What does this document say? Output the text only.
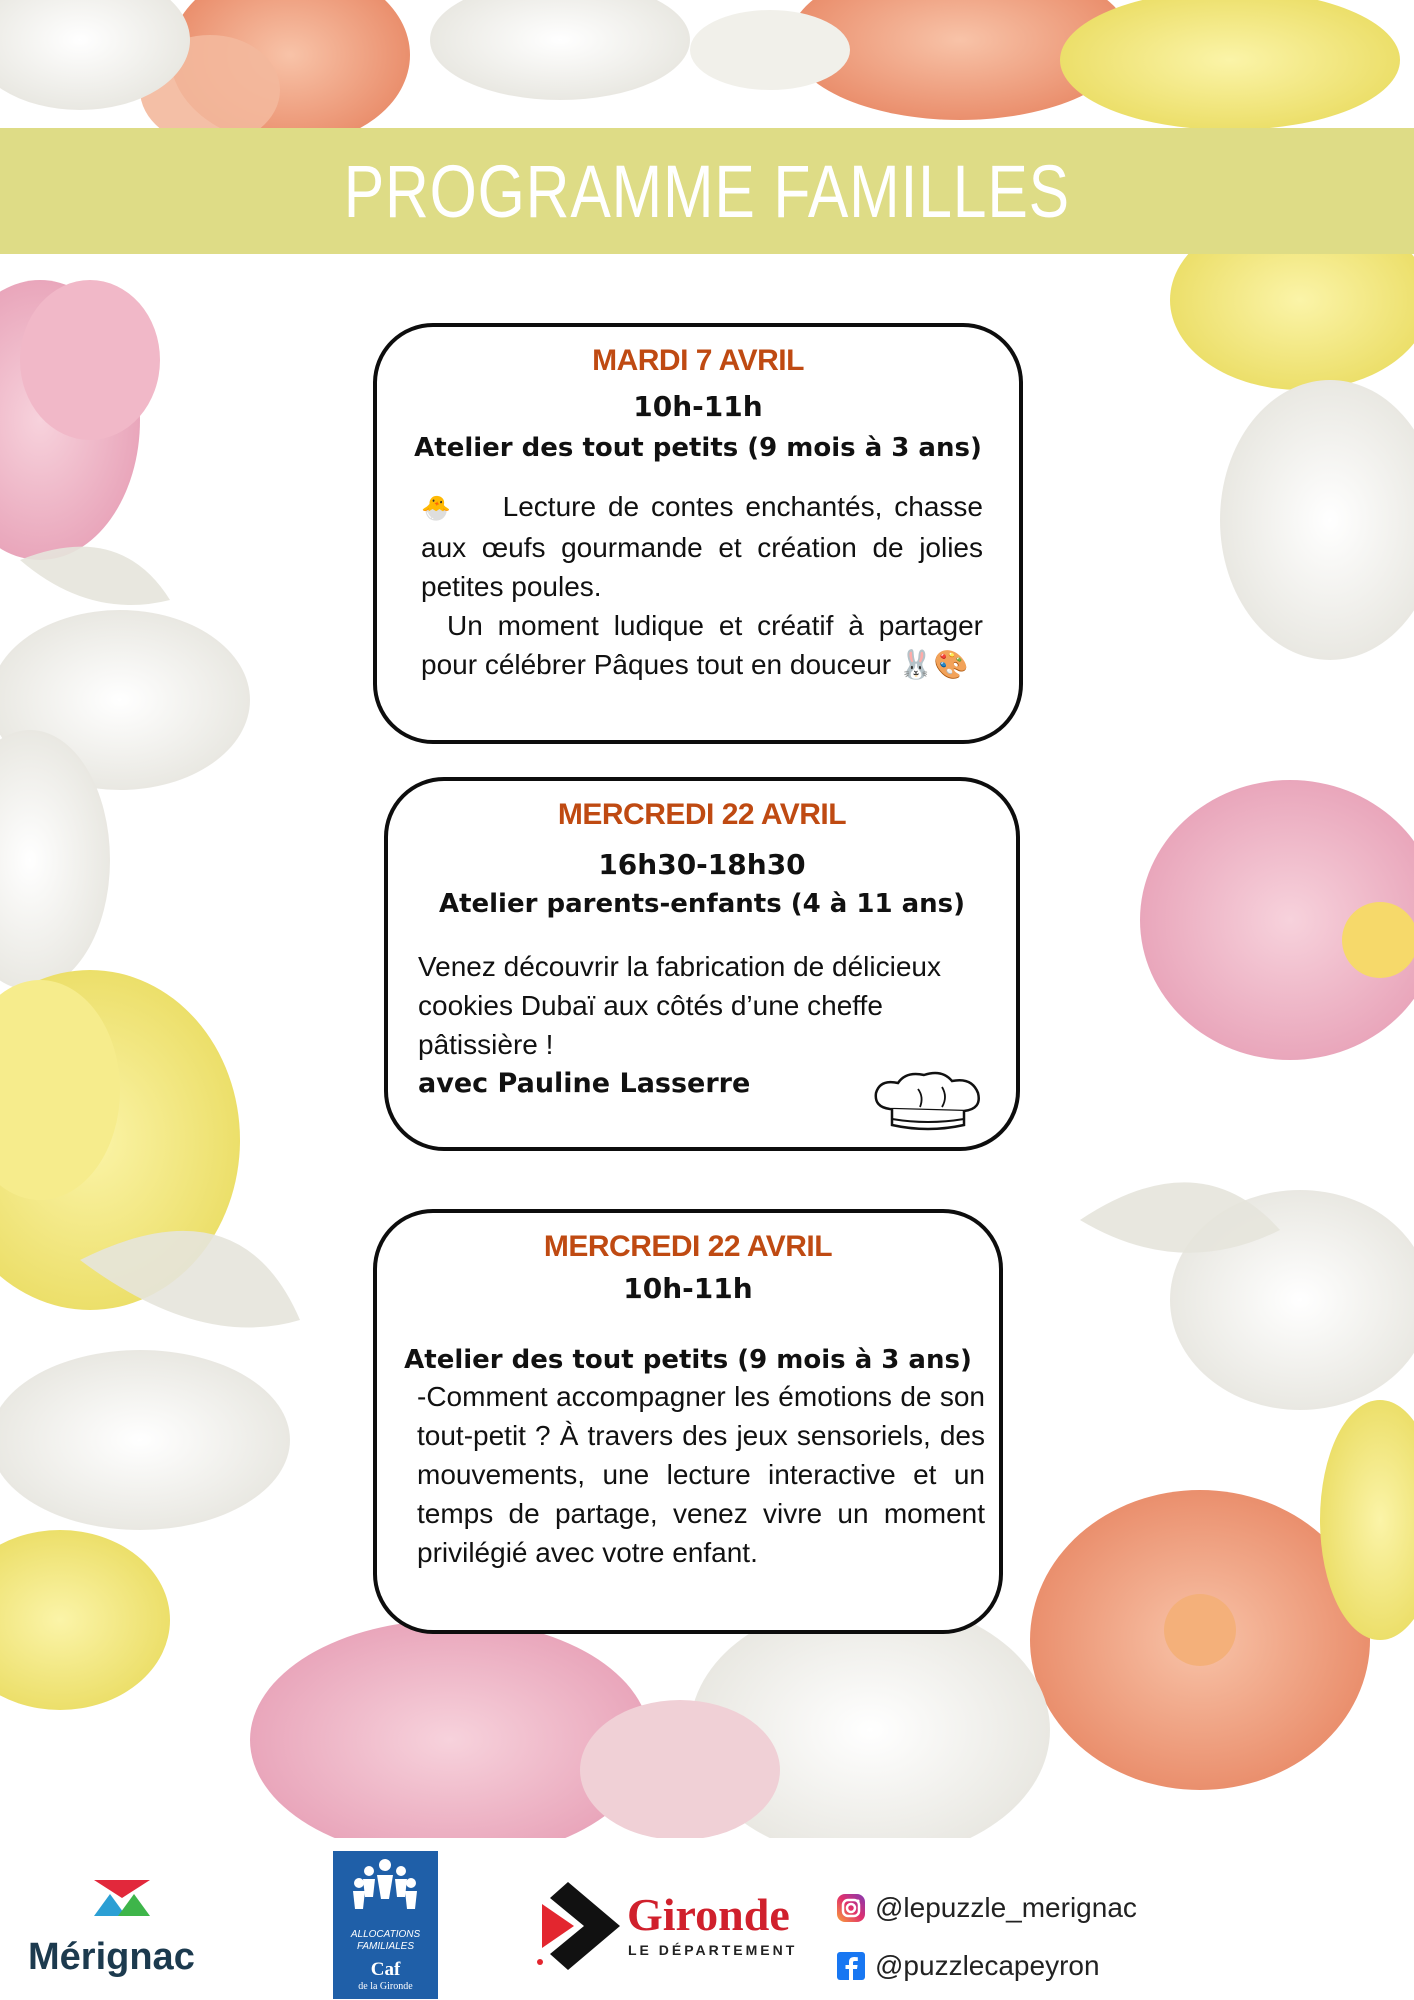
PROGRAMME FAMILLES
MARDI 7 AVRIL
10h-11h
Atelier des tout petits (9 mois à 3 ans)

🐣 Lecture de contes enchantés, chasse aux œufs gourmande et création de jolies petites poules.

Un moment ludique et créatif à partager pour célébrer Pâques tout en douceur 🐰🎨

MERCREDI 22 AVRIL
16h30-18h30
Atelier parents-enfants (4 à 11 ans)

Venez découvrir la fabrication de délicieux cookies Dubaï aux côtés d’une cheffe pâtissière !

avec Pauline Lasserre

MERCREDI 22 AVRIL
10h-11h
Atelier des tout petits (9 mois à 3 ans)

-Comment accompagner les émotions de son tout-petit ? À travers des jeux sensoriels, des mouvements, une lecture interactive et un temps de partage, venez vivre un moment privilégié avec votre enfant.

Mérignac
ALLOCATIONS FAMILIALES
Caf
de la Gironde
Gironde
LE DÉPARTEMENT
@lepuzzle_merignac
@puzzlecapeyron
